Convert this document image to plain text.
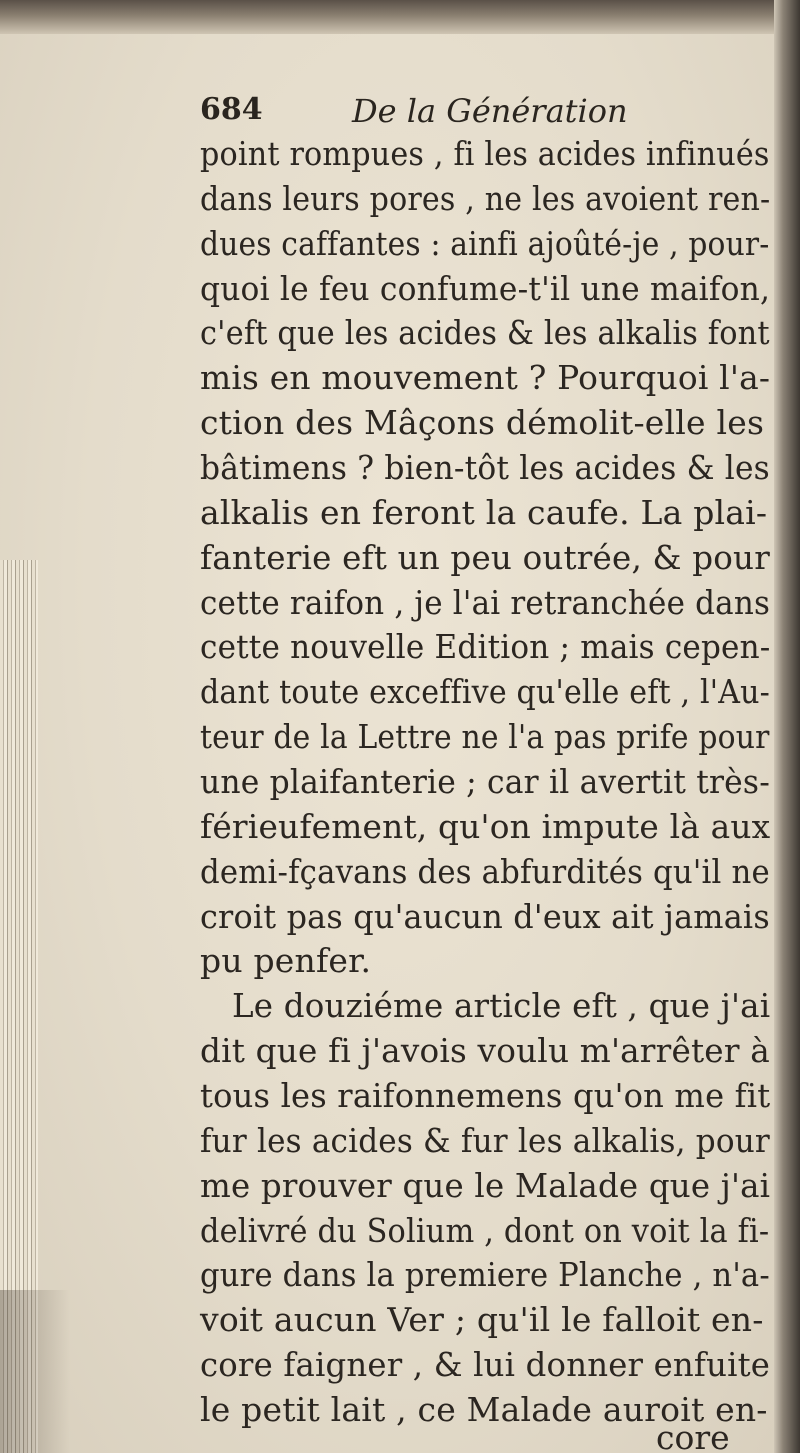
684	De la Génération
point rompues , fi les acides infinués
dans leurs pores , ne les avoient ren-
dues caffantes : ainfi ajoûté-je , pour-
quoi le feu confume-t'il une maifon,
c'eft que les acides & les alkalis font
mis en mouvement ? Pourquoi l'a-
ction des Mâçons démolit-elle les
bâtimens ? bien-tôt les acides & les
alkalis en feront la caufe. La plai-
fanterie eft un peu outrée, & pour
cette raifon , je l'ai retranchée dans
cette nouvelle Edition ; mais cepen-
dant toute exceffive qu'elle eft , l'Au-
teur de la Lettre ne l'a pas prife pour
une plaifanterie ; car il avertit très-
férieufement, qu'on impute là aux
demi-fçavans des abfurdités qu'il ne
croit pas qu'aucun d'eux ait jamais
pu penfer.
Le douziéme article eft , que j'ai
dit que fi j'avois voulu m'arrêter à
tous les raifonnemens qu'on me fit
fur les acides & fur les alkalis, pour
me prouver que le Malade que j'ai
delivré du Solium , dont on voit la fi-
gure dans la premiere Planche , n'a-
voit aucun Ver ; qu'il le falloit en-
core faigner , & lui donner enfuite
le petit lait , ce Malade auroit en-
core
